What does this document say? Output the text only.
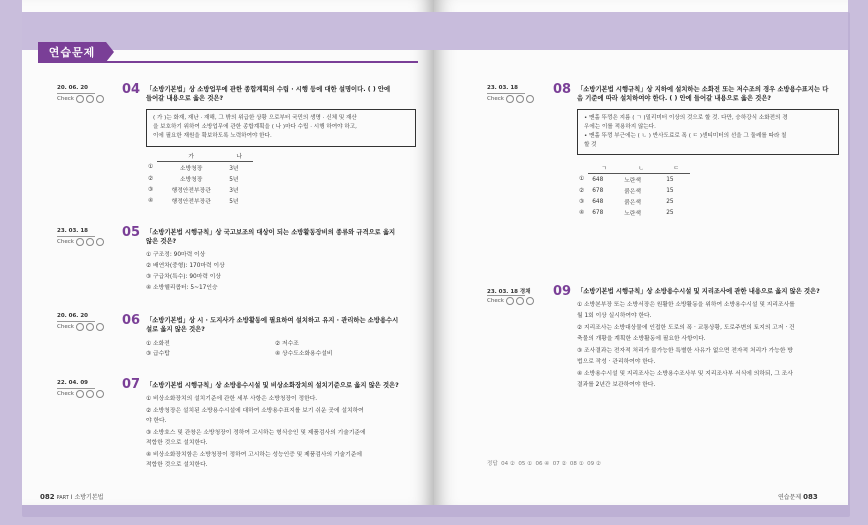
연습문제
20. 06. 20
Check
04 「소방기본법」상 소방업무에 관한 종합계획의 수립 · 시행 등에 대한 설명이다. ( ) 안에
들어갈 내용으로 옳은 것은?
( 가 )는 화재, 재난 · 재해, 그 밖의 위급한 상황 으로부터 국민의 생명 · 신체 및 재산
을 보호하기 위하여 소방업무에 관한 종합계획을 ( 나 )마다 수립 · 시행 하여야 하고,
이에 필요한 재원을 확보하도록 노력하여야 한다.
	가	나
①	소방청장	3년
②	소방청장	5년
③	행정안전부장관	3년
④	행정안전부장관	5년
23. 03. 18
Check
05 「소방기본법 시행규칙」상 국고보조의 대상이 되는 소방활동장비의 종류와 규격으로 옳지
않은 것은?
① 구조정: 90마력 이상
② 배연차(중형): 170마력 이상
③ 구급차(특수): 90마력 이상
④ 소방헬리콥터: 5~17인승
20. 06. 20
Check	06 「소방기본법」상 시 · 도지사가 소방활동에 필요하여 설치하고 유지 · 관리하는 소방용수시
설로 옳지 않은 것은?
① 소화전	② 저수조
③ 급수탑	④ 상수도소화용수설비
22. 04. 09
Check
07 「소방기본법 시행규칙」상 소방용수시설 및 비상소화장치의 설치기준으로 옳지 않은 것은?
① 비상소화장치의 설치기준에 관한 세부 사항은 소방청장이 정한다.
② 소방청장은 설치된 소방용수시설에 대하여 소방용수표지를 보기 쉬운 곳에 설치하여
야 한다.
③ 소방호스 및 관창은 소방청장이 정하여 고시하는 형식승인 및 제품검사의 기술기준에
적합한 것으로 설치한다.
④ 비상소화장치함은 소방청장이 정하여 고시하는 성능인증 및 제품검사의 기술기준에
적합한 것으로 설치한다.
082 PART Ⅰ 소방기본법
23. 03. 18
Check
08 「소방기본법 시행규칙」상 지하에 설치하는 소화전 또는 저수조의 경우 소방용수표지는 다
음 기준에 따라 설치하여야 한다. ( ) 안에 들어갈 내용으로 옳은 것은?
• 맨홀 뚜껑은 지름 ( ㄱ )밀리미터 이상의 것으로 할 것. 다만, 승하강식 소화전의 경
우에는 이를 적용하지 않는다.
• 맨홀 뚜껑 부근에는 ( ㄴ ) 반사도료로 폭 ( ㄷ )센티미터의 선을 그 둘레를 따라 칠
할 것
	ㄱ	ㄴ	ㄷ
①	648	노란색	15
②	678	붉은색	15
③	648	붉은색	25
④	678	노란색	25
23. 03. 18 경채
Check
09 「소방기본법 시행규칙」상 소방용수시설 및 지리조사에 관한 내용으로 옳지 않은 것은?
① 소방본부장 또는 소방서장은 원활한 소방활동을 위하여 소방용수시설 및 지리조사를
월 1회 이상 실시하여야 한다.
② 지리조사는 소방대상물에 인접한 도로의 폭 · 교통상황, 도로주변의 토지의 고저 · 건
축물의 개황을 계획한 소방활동에 필요한 사항이다.
③ 조사결과는 전자적 처리가 불가능한 특별한 사유가 없으면 전자적 처리가 가능한 방
법으로 작성 · 관리하여야 한다.
④ 소방용수시설 및 지리조사는 소방용수조사부 및 지리조사부 서식에 의하되, 그 조사
결과를 2년간 보관하여야 한다.
정답 04 ② 05 ① 06 ④ 07 ② 08 ① 09 ②
연습문제 083
